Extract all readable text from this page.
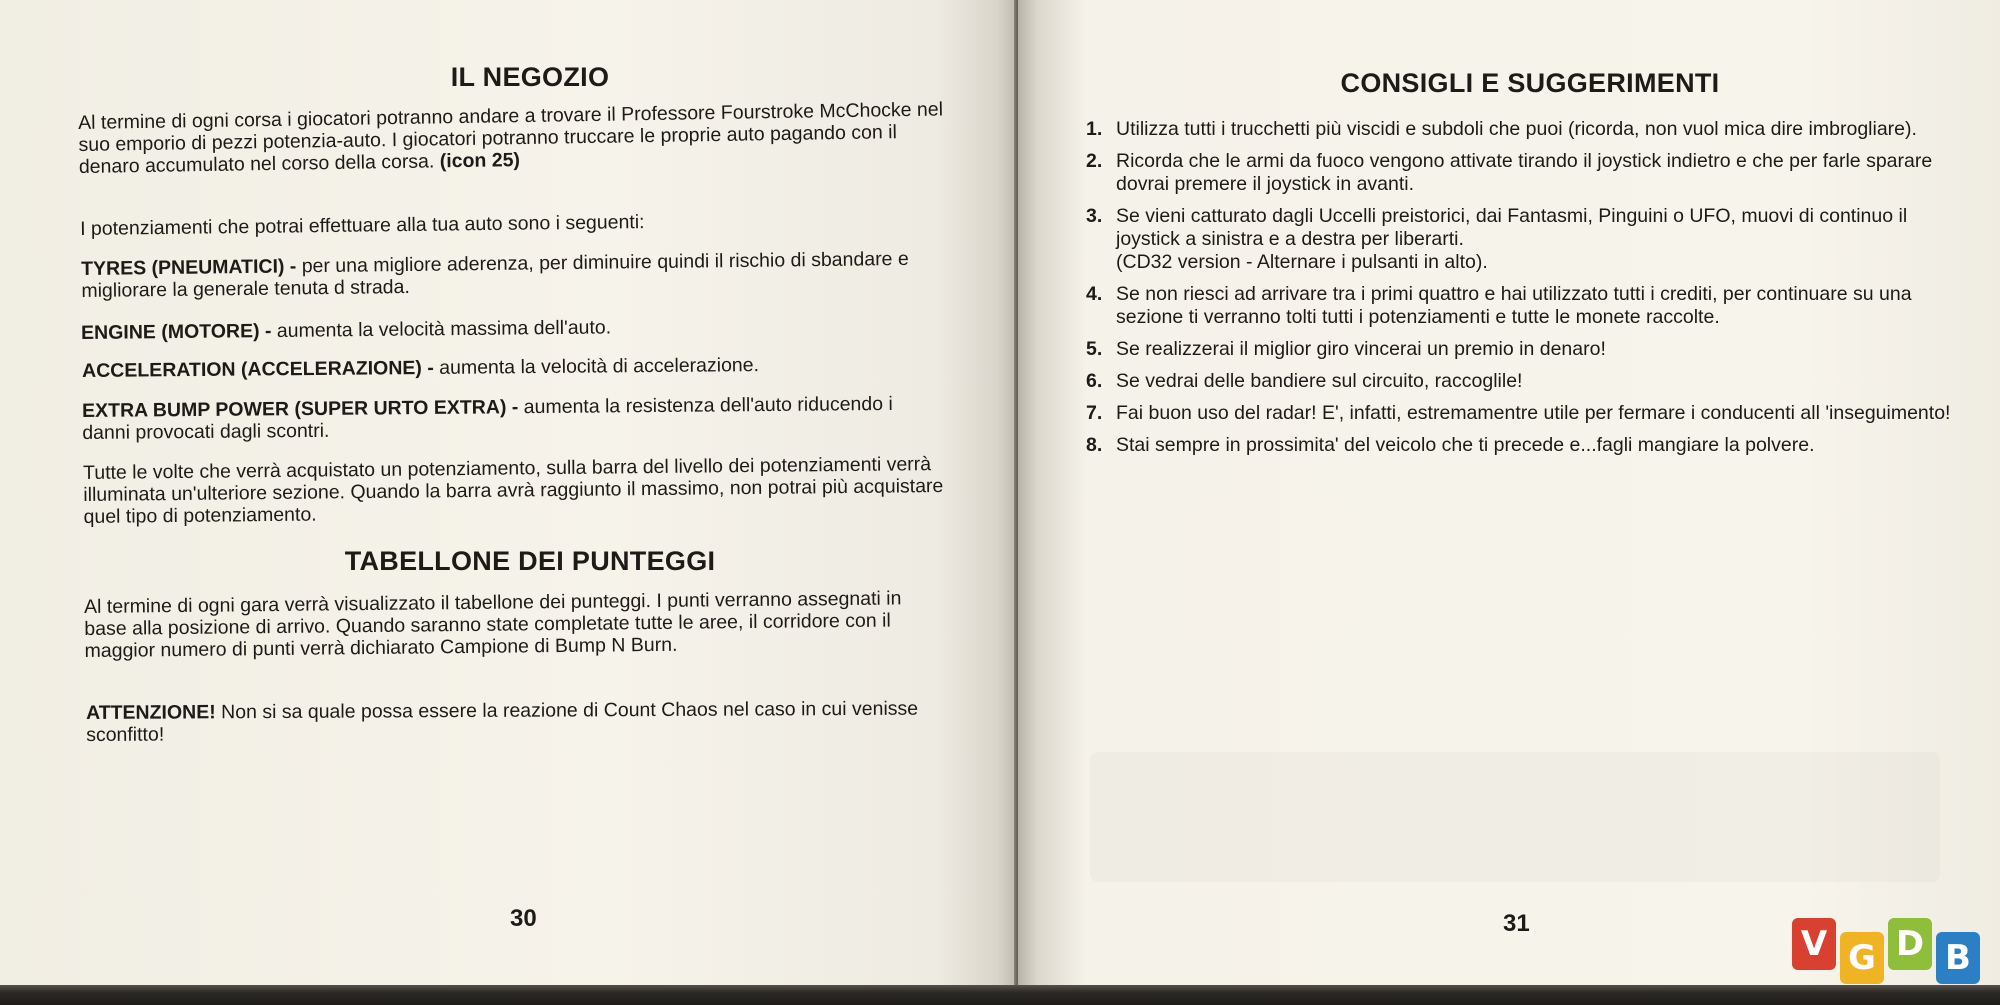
IL NEGOZIO

Al termine di ogni corsa i giocatori potranno andare a trovare il Professore Fourstroke McChocke nel suo emporio di pezzi potenzia-auto. I giocatori potranno truccare le proprie auto pagando con il denaro accumulato nel corso della corsa. (icon 25)

I potenziamenti che potrai effettuare alla tua auto sono i seguenti:

TYRES (PNEUMATICI) - per una migliore aderenza, per diminuire quindi il rischio di sbandare e migliorare la generale tenuta d strada.

ENGINE (MOTORE) - aumenta la velocità massima dell'auto.

ACCELERATION (ACCELERAZIONE) - aumenta la velocità di accelerazione.

EXTRA BUMP POWER (SUPER URTO EXTRA) - aumenta la resistenza dell'auto riducendo i danni provocati dagli scontri.

Tutte le volte che verrà acquistato un potenziamento, sulla barra del livello dei potenziamenti verrà illuminata un'ulteriore sezione. Quando la barra avrà raggiunto il massimo, non potrai più acquistare quel tipo di potenziamento.

TABELLONE DEI PUNTEGGI

Al termine di ogni gara verrà visualizzato il tabellone dei punteggi. I punti verranno assegnati in base alla posizione di arrivo. Quando saranno state completate tutte le aree, il corridore con il maggior numero di punti verrà dichiarato Campione di Bump N Burn.

ATTENZIONE! Non si sa quale possa essere la reazione di Count Chaos nel caso in cui venisse sconfitto!

30
CONSIGLI E SUGGERIMENTI
1. Utilizza tutti i trucchetti più viscidi e subdoli che puoi (ricorda, non vuol mica dire imbrogliare).
2. Ricorda che le armi da fuoco vengono attivate tirando il joystick indietro e che per farle sparare dovrai premere il joystick in avanti.
3. Se vieni catturato dagli Uccelli preistorici, dai Fantasmi, Pinguini o UFO, muovi di continuo il joystick a sinistra e a destra per liberarti.
(CD32 version - Alternare i pulsanti in alto).
4. Se non riesci ad arrivare tra i primi quattro e hai utilizzato tutti i crediti, per continuare su una sezione ti verranno tolti tutti i potenziamenti e tutte le monete raccolte.
5. Se realizzerai il miglior giro vincerai un premio in denaro!
6. Se vedrai delle bandiere sul circuito, raccoglile!
7. Fai buon uso del radar! E', infatti, estremamentre utile per fermare i conducenti all 'inseguimento!
8. Stai sempre in prossimita' del veicolo che ti precede e...fagli mangiare la polvere.
31
V G D B
